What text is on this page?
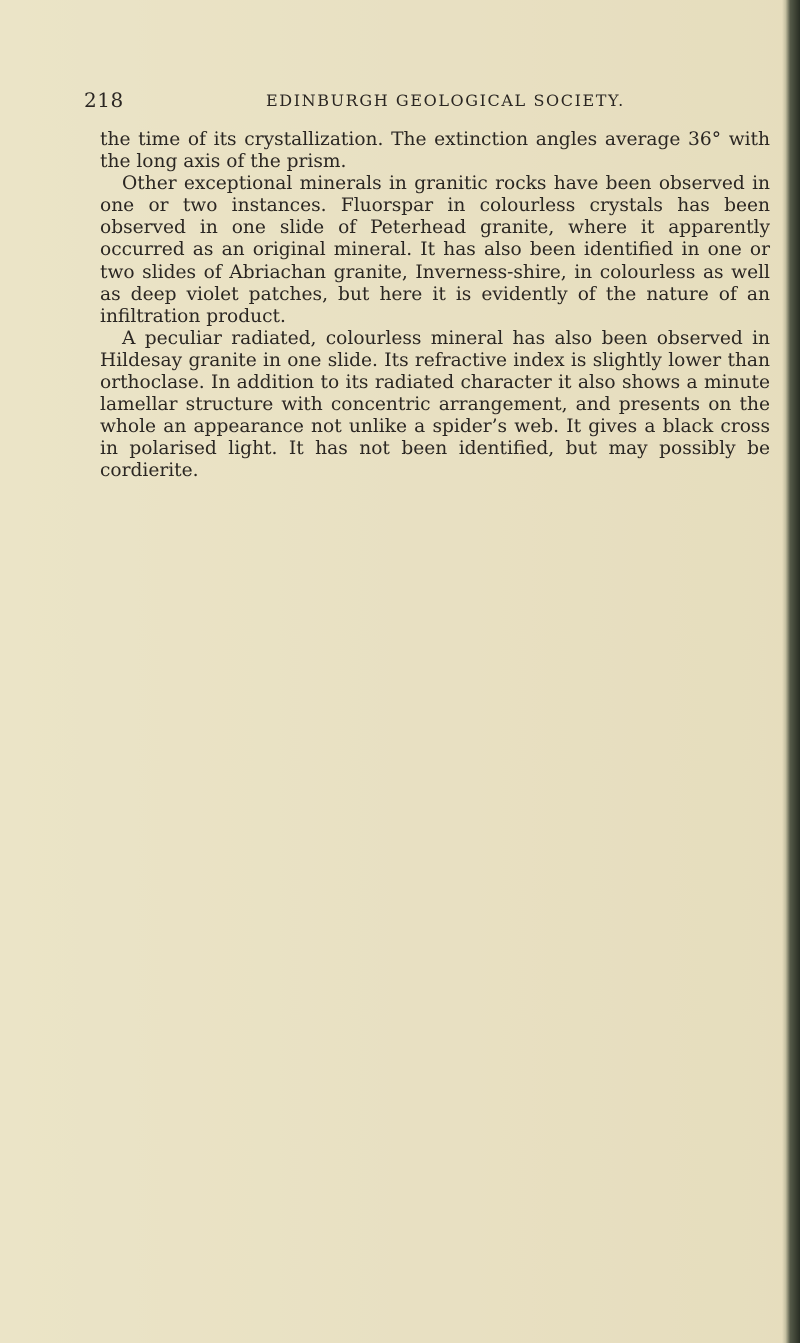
218	EDINBURGH GEOLOGICAL SOCIETY.

the time of its crystallization. The extinction angles average 36° with the long axis of the prism.

Other exceptional minerals in granitic rocks have been observed in one or two instances. Fluorspar in colourless crystals has been observed in one slide of Peterhead granite, where it apparently occurred as an original mineral. It has also been identified in one or two slides of Abriachan granite, Inverness-shire, in colourless as well as deep violet patches, but here it is evidently of the nature of an infiltration product.

A peculiar radiated, colourless mineral has also been observed in Hildesay granite in one slide. Its refractive index is slightly lower than orthoclase. In addition to its radiated character it also shows a minute lamellar structure with concentric arrangement, and presents on the whole an appearance not unlike a spider’s web. It gives a black cross in polarised light. It has not been identified, but may possibly be cordierite.
